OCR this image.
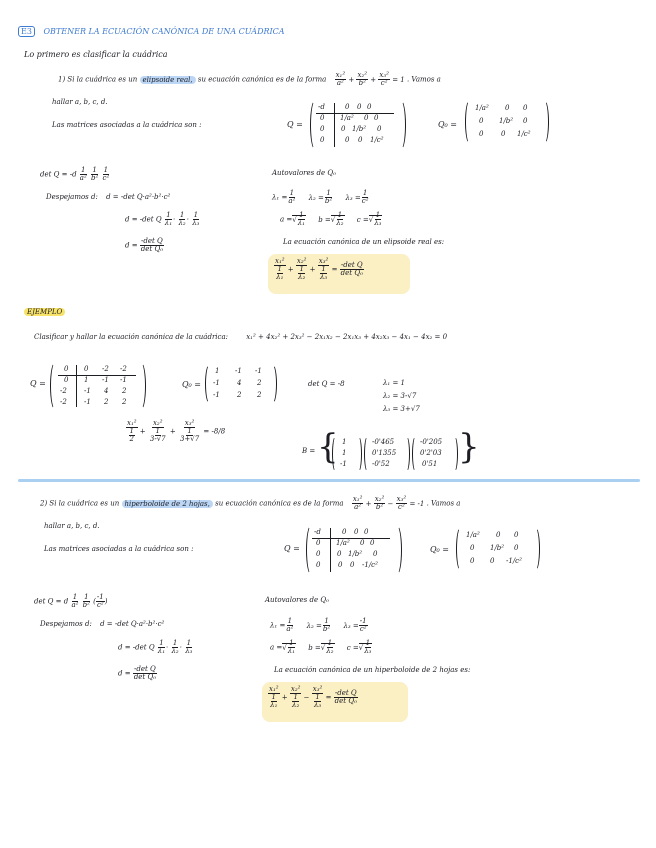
E3 OBTENER LA ECUACIÓN CANÓNICA DE UNA CUÁDRICA
Lo primero es clasificar la cuádrica
1) Si la cuádrica es un elipsoide real, su ecuación canónica es de la forma $\frac{\text{x₁²}}{\text{a²}} + \frac{\text{x₂²}}{\text{b²}} + \frac{\text{x₃²}}{\text{c²}} = 1$ . Vamos a
hallar a, b, c, d.
Las matrices asociadas a la cuádrica son :	Q =
-d	0 0 0
0 1/a² 0 0
0 0 1/b² 0
0	0 0 1/c²
Q₀ =
1/a² 0 0
0 1/b² 0
0	0 1/c²
$\det Q = -d \frac{1}{\text{a²}}$
$\frac{1}{\text{b²}}$
$\frac{1}{\text{c²}}$
Despejamos d: d = -det Q·a²·b²·c²
d = -det Q $\frac{1}{\text{λ₁}} \cdot \frac{1}{\text{λ₂}} \cdot \frac{1}{\text{λ₃}}$
$d = \frac{\text{-det Q}}{\text{det Q₀}}$
Autovalores de Q₀
$\lambda_1 = \frac{1}{\text{a²}} \lambda_2 = \frac{1}{\text{b²}} \lambda_3 = \frac{1}{\text{c²}}$
a =√ $\frac{1}{\text{λ₁}}$ b =√ $\frac{1}{\text{λ₂}}$ c =√ $\frac{1}{\text{λ₃}}$
La ecuación canónica de un elipsoide real es:
$\frac{\text{x₁²}}{\frac{1}{\text{λ₁}}} + \frac{\text{x₂²}}{\frac{1}{\text{λ₂}}} + \frac{\text{x₃²}}{\frac{1}{\text{λ₃}}} = \frac{\text{-det Q}}{\text{det Q₀}}$
EJEMPLO
Clasificar y hallar la ecuación canónica de la cuádrica:	x₁² + 4x₂² + 2x₃² − 2x₁x₂ − 2x₁x₃ + 4x₂x₃ − 4x₁ − 4x₂ = 0
Q =
0 0 -2 -2
0 1 -1 -1
-2 -1 4 2
-2 -1 2 2
Q₀ =
1 -1 -1
-1 4 2
-1 2 2
det Q = -8	λ₁ = 1
λ₂ = 3-√7
λ₃ = 3+√7
$\frac{\text{x₁²}}{\frac{1}{2}} + \frac{\text{x₂²}}{\frac{1}{3-√7}} + \frac{\text{x₃²}}{\frac{1}{3+√7}} = -8/8$
B = { 1
1
-1
-0'465
0'1355
-0'52
-0'205
0'2'03
0'51 }
2) Si la cuádrica es un hiperboloide de 2 hojas, su ecuación canónica es de la forma $\frac{\text{x₁²}}{\text{a²}} + \frac{\text{x₂²}}{\text{b²}} - \frac{\text{x₃²}}{\text{c²}} = -1$ . Vamos a
hallar a, b, c, d.
Las matrices asociadas a la cuádrica son :	Q =
-d	0 0 0
0 1/a² 0 0
0 0 1/b² 0
0	0 0 -1/c²
Q₀ =
1/a² 0 0
0 1/b² 0
0 0 -1/c²
det Q = d $\frac{1}{\text{a²}}$
$\frac{1}{\text{b²}}$ ( $\frac{-1}{\text{c²}}$ )
Despejamos d: d = -det Q·a²·b²·c²
d = -det Q $\frac{1}{\text{λ₁}} \cdot \frac{1}{\text{λ₂}} \cdot \frac{1}{\text{λ₃}}$
$d = \frac{\text{-det Q}}{\text{det Q₀}}$
Autovalores de Q₀
$\lambda_1 = \frac{1}{\text{a²}} \lambda_2 = \frac{1}{\text{b²}} \lambda_3 = \frac{-1}{\text{c²}}$
a =√ $\frac{1}{\text{λ₁}}$ b =√ $\frac{1}{\text{λ₂}}$ c =√ $\frac{1}{\text{λ₃}}$
La ecuación canónica de un hiperboloide de 2 hojas es:
$\frac{\text{x₁²}}{\frac{1}{\text{λ₁}}} + \frac{\text{x₂²}}{\frac{1}{\text{λ₂}}} - \frac{\text{x₃²}}{\frac{1}{\text{λ₃}}} = \frac{\text{-det Q}}{\text{det Q₀}}$
